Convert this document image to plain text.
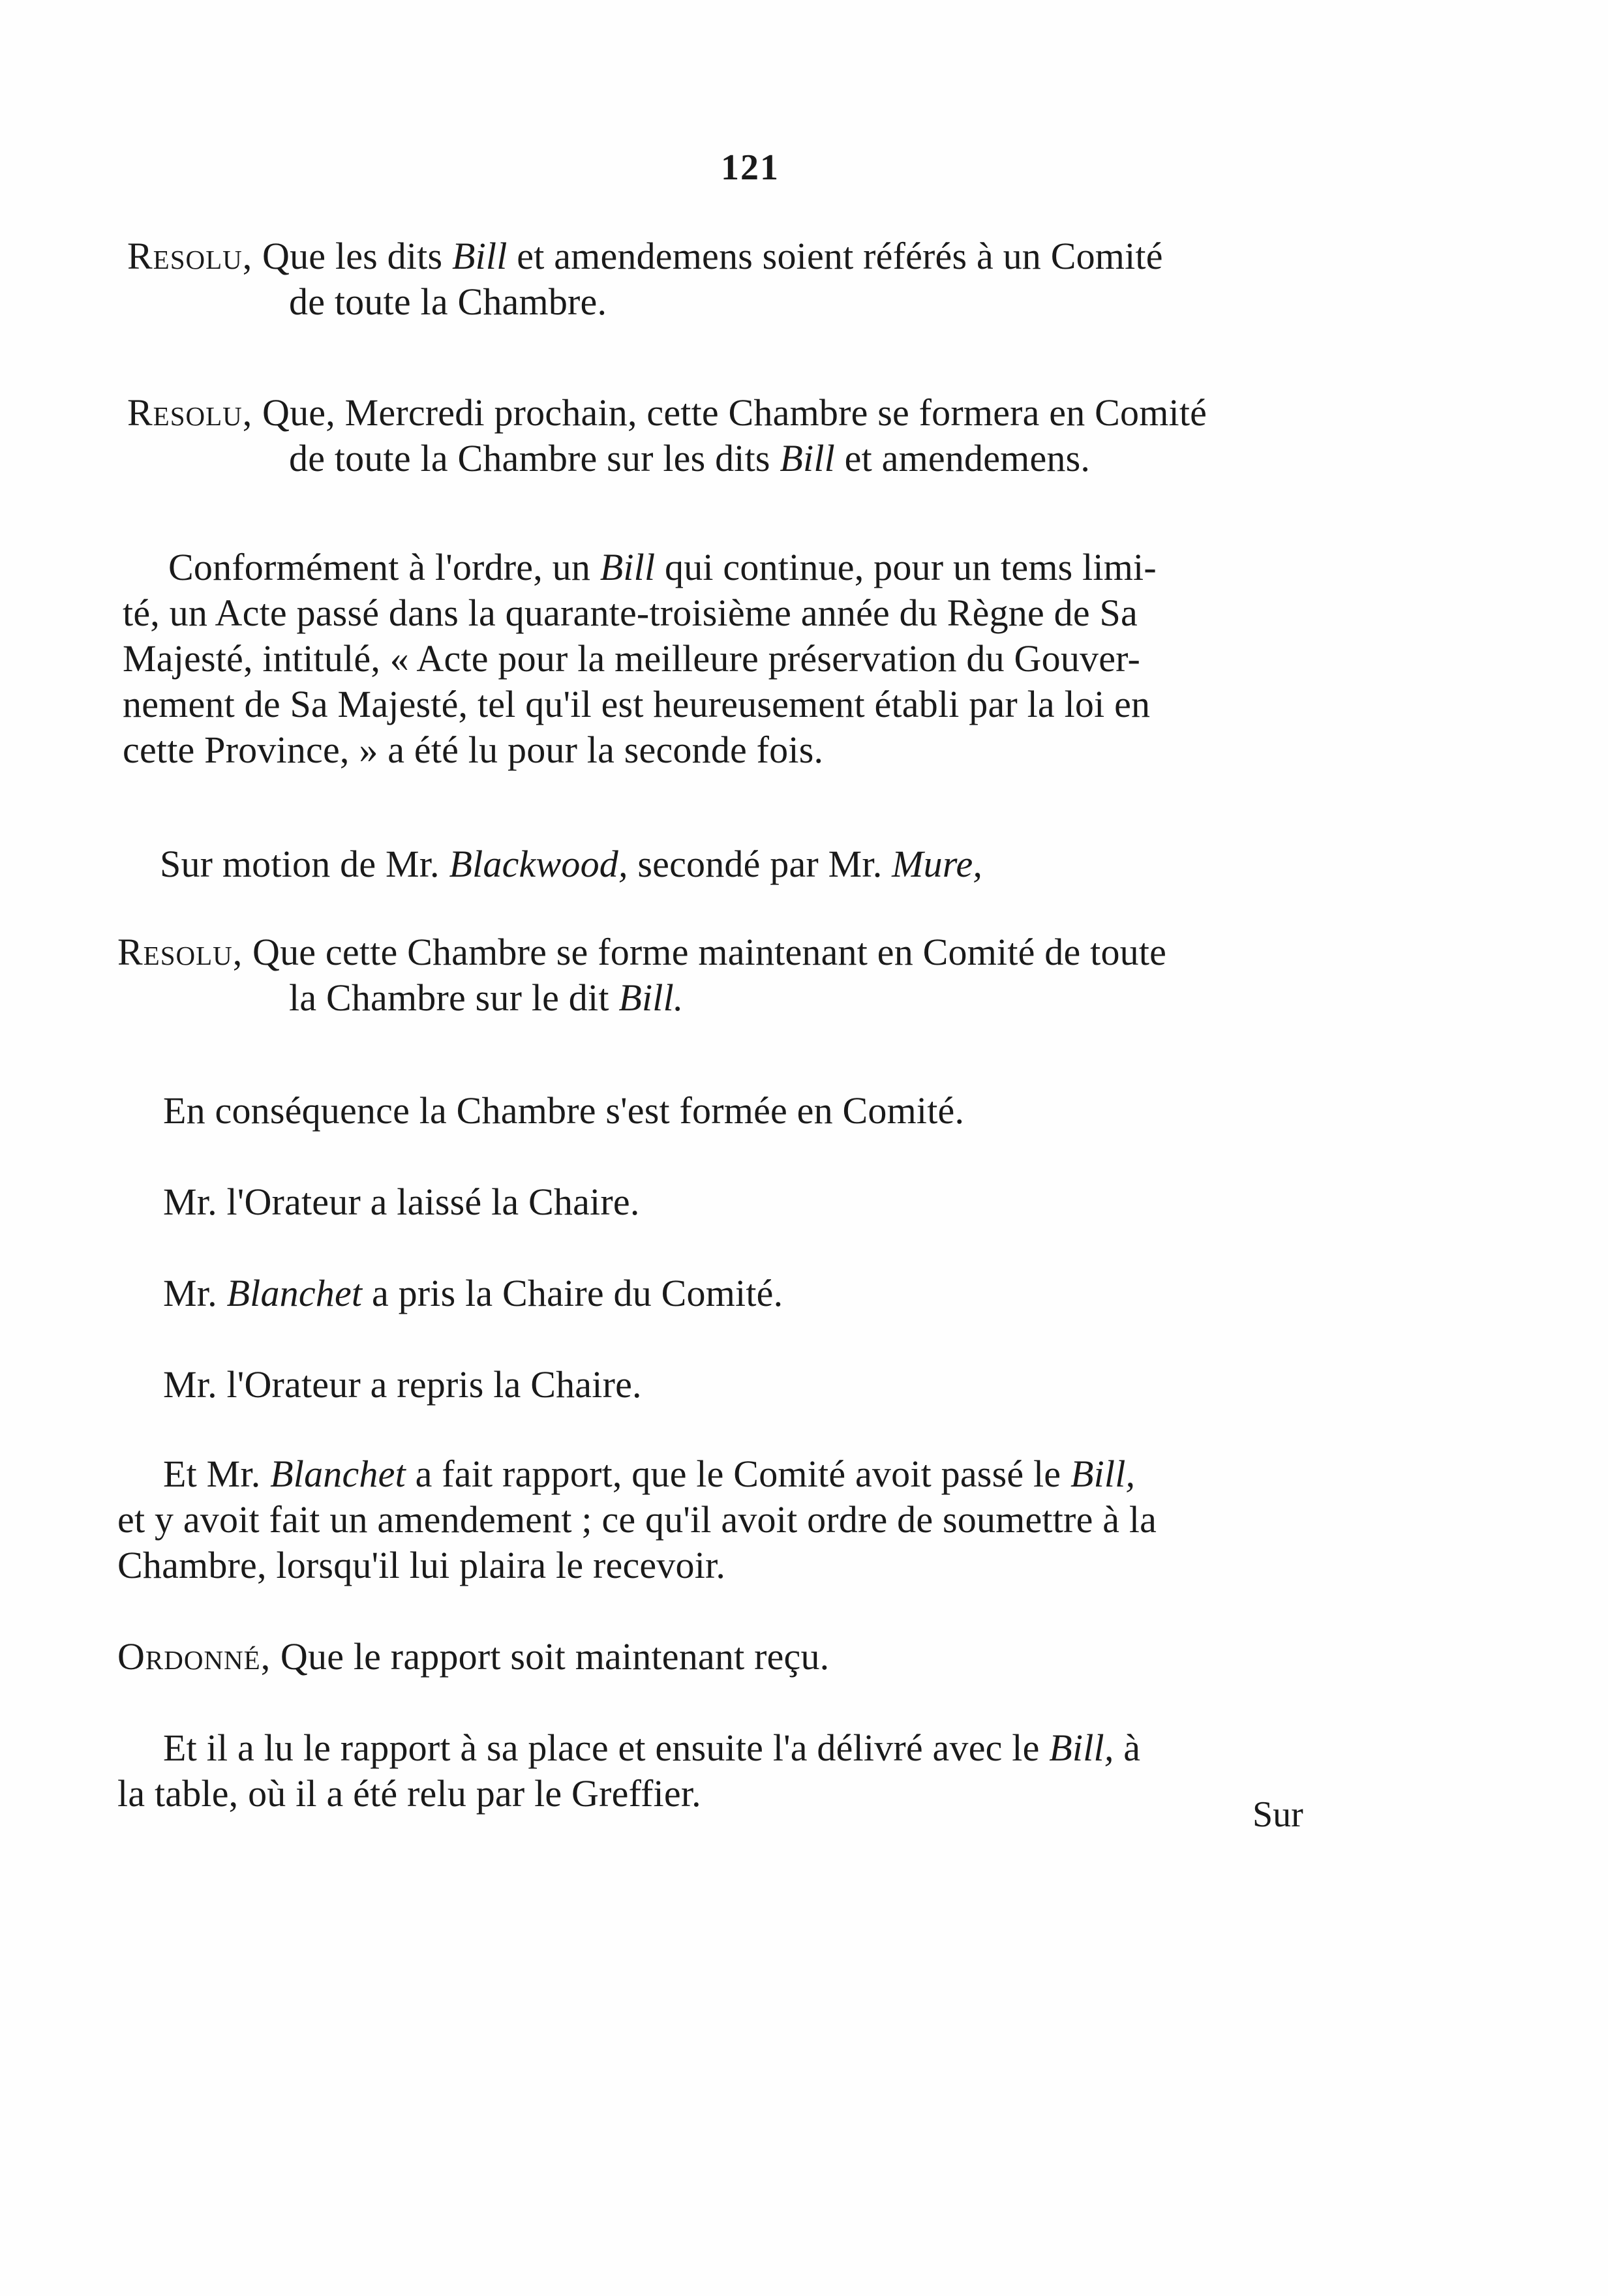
121
Resolu, Que les dits Bill et amendemens soient référés à un Comité
de toute la Chambre.
Resolu, Que, Mercredi prochain, cette Chambre se formera en Comité
de toute la Chambre sur les dits Bill et amendemens.
Conformément à l'ordre, un Bill qui continue, pour un tems limi-
té, un Acte passé dans la quarante-troisième année du Règne de Sa
Majesté, intitulé, « Acte pour la meilleure préservation du Gouver-
nement de Sa Majesté, tel qu'il est heureusement établi par la loi en
cette Province, » a été lu pour la seconde fois.
Sur motion de Mr. Blackwood, secondé par Mr. Mure,
Resolu, Que cette Chambre se forme maintenant en Comité de toute
la Chambre sur le dit Bill.
En conséquence la Chambre s'est formée en Comité.
Mr. l'Orateur a laissé la Chaire.
Mr. Blanchet a pris la Chaire du Comité.
Mr. l'Orateur a repris la Chaire.
Et Mr. Blanchet a fait rapport, que le Comité avoit passé le Bill,
et y avoit fait un amendement ; ce qu'il avoit ordre de soumettre à la
Chambre, lorsqu'il lui plaira le recevoir.
Ordonné, Que le rapport soit maintenant reçu.
Et il a lu le rapport à sa place et ensuite l'a délivré avec le Bill, à
la table, où il a été relu par le Greffier.	Sur
